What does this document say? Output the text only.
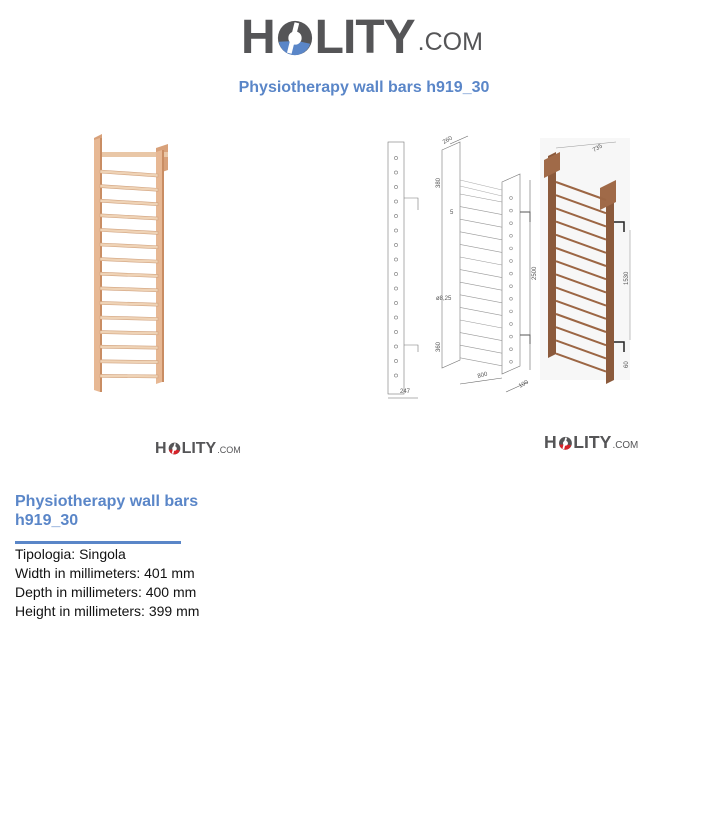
H LITY .COM
Physiotherapy wall bars h919_30
247
260
380
5
ø8,25
2500
360
800
100
735
1530
60
H LITY .COM	H LITY .COM
Physiotherapy wall bars h919_30
Tipologia: Singola
Width in millimeters: 401 mm
Depth in millimeters: 400 mm
Height in millimeters: 399 mm
